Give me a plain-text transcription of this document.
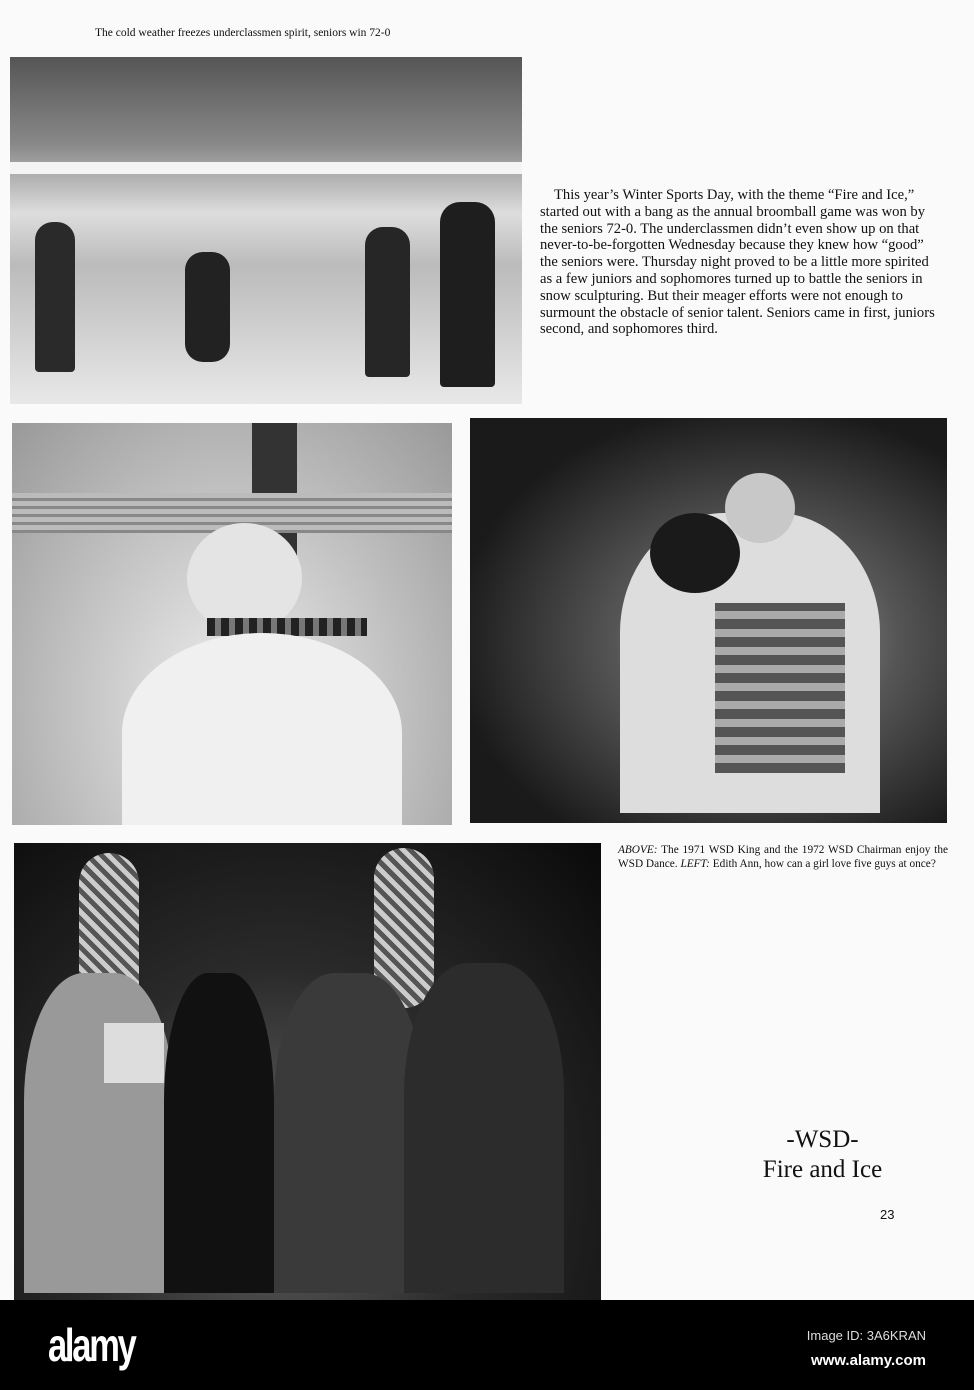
The cold weather freezes underclassmen spirit, seniors win 72-0
This year’s Winter Sports Day, with the theme “Fire and Ice,” started out with a bang as the annual broomball game was won by the seniors 72-0. The underclassmen didn’t even show up on that never-to-be-forgotten Wednesday because they knew how “good” the seniors were. Thursday night proved to be a little more spirited as a few juniors and sophomores turned up to battle the seniors in snow sculpturing. But their meager efforts were not enough to surmount the obstacle of senior talent. Seniors came in first, juniors second, and sophomores third.
ABOVE: The 1971 WSD King and the 1972 WSD Chairman enjoy the WSD Dance. LEFT: Edith Ann, how can a girl love five guys at once?
-WSD-
Fire and Ice
23
alamy	Image ID: 3A6KRAN
www.alamy.com
